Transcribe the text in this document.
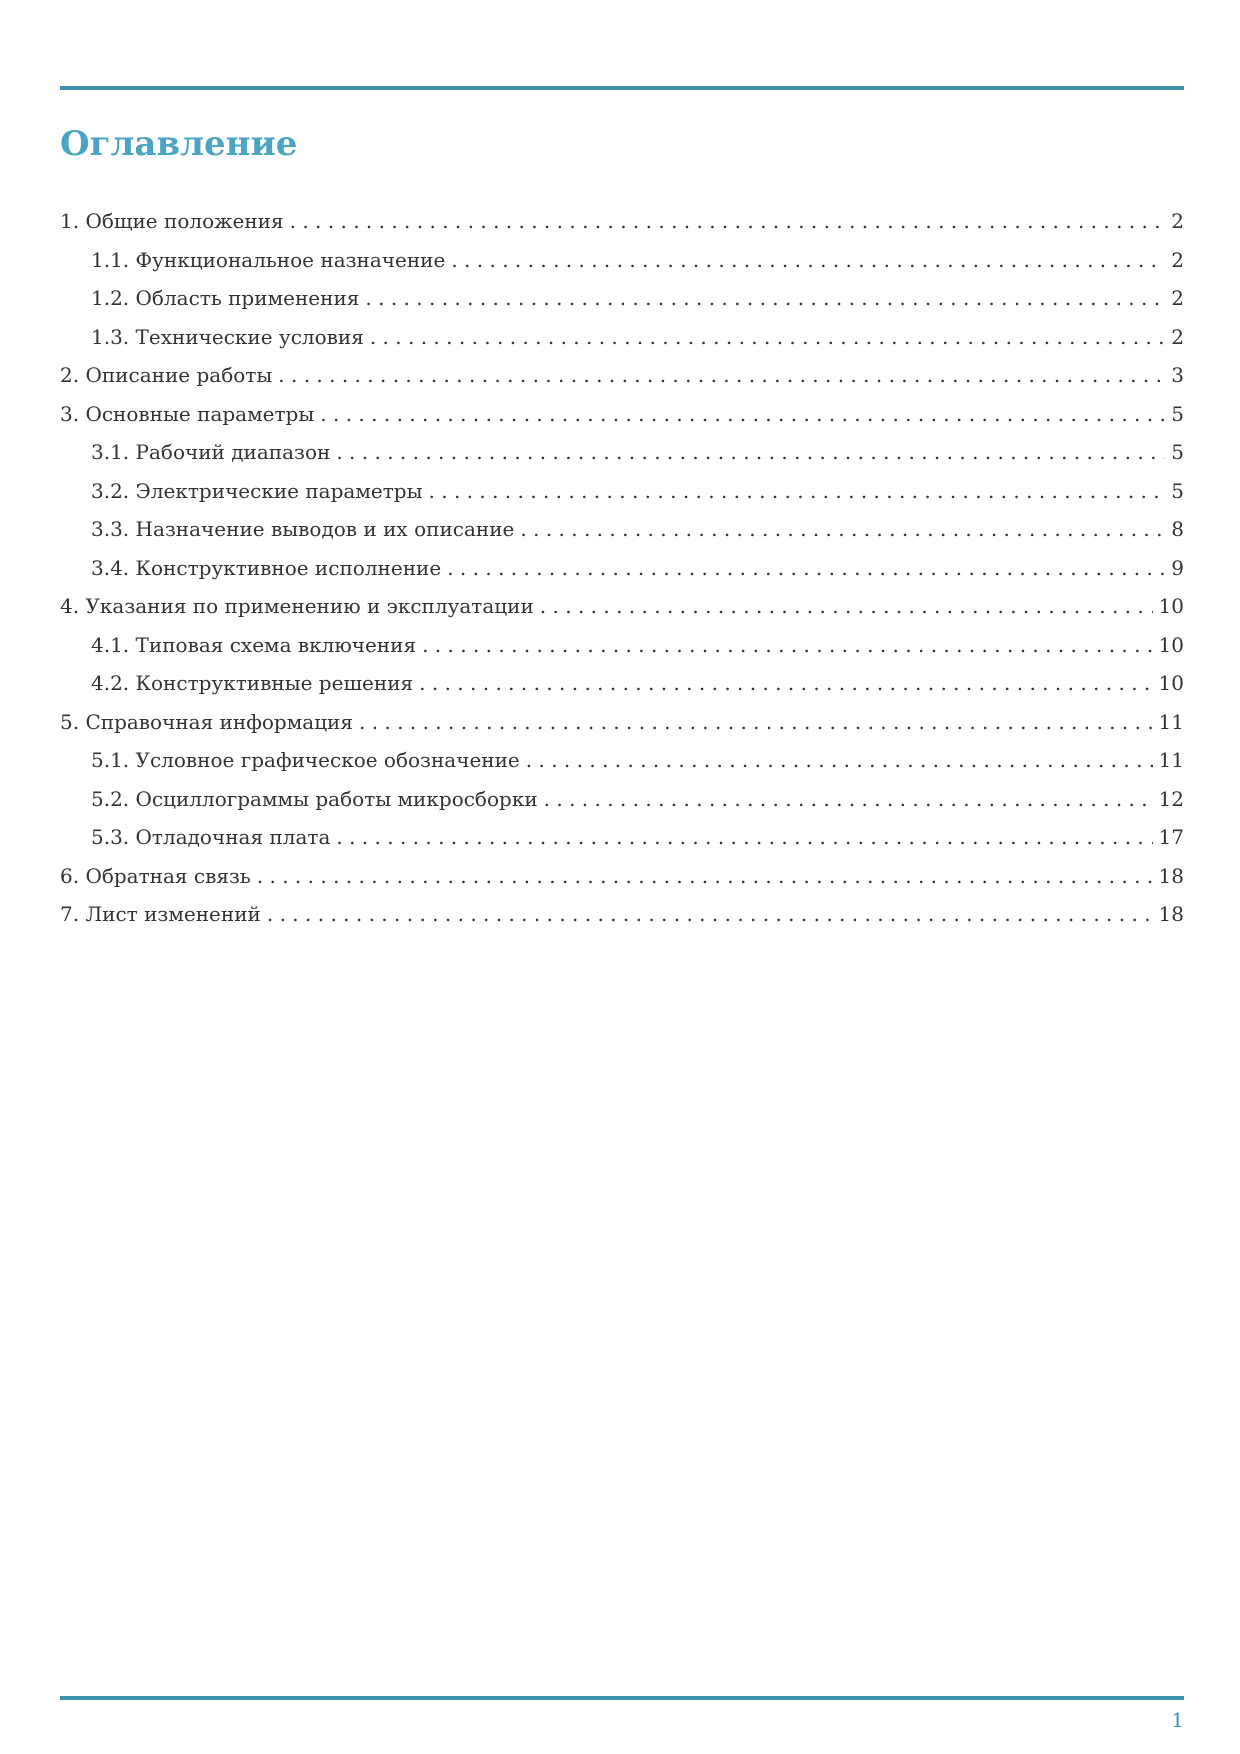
Оглавление
1. Общие положения . . .	2
1.1. Функциональное назначение . . .	2
1.2. Область применения . . .	2
1.3. Технические условия . . .	2
2. Описание работы . . .	3
3. Основные параметры . . .	5
3.1. Рабочий диапазон . . .	5
3.2. Электрические параметры . . .	5
3.3. Назначение выводов и их описание . . .	8
3.4. Конструктивное исполнение . . .	9
4. Указания по применению и эксплуатации . . .	10
4.1. Типовая схема включения . . .	10
4.2. Конструктивные решения . . .	10
5. Справочная информация . . .	11
5.1. Условное графическое обозначение . . .	11
5.2. Осциллограммы работы микросборки . . .	12
5.3. Отладочная плата . . .	17
6. Обратная связь . . .	18
7. Лист изменений . . .	18
1
